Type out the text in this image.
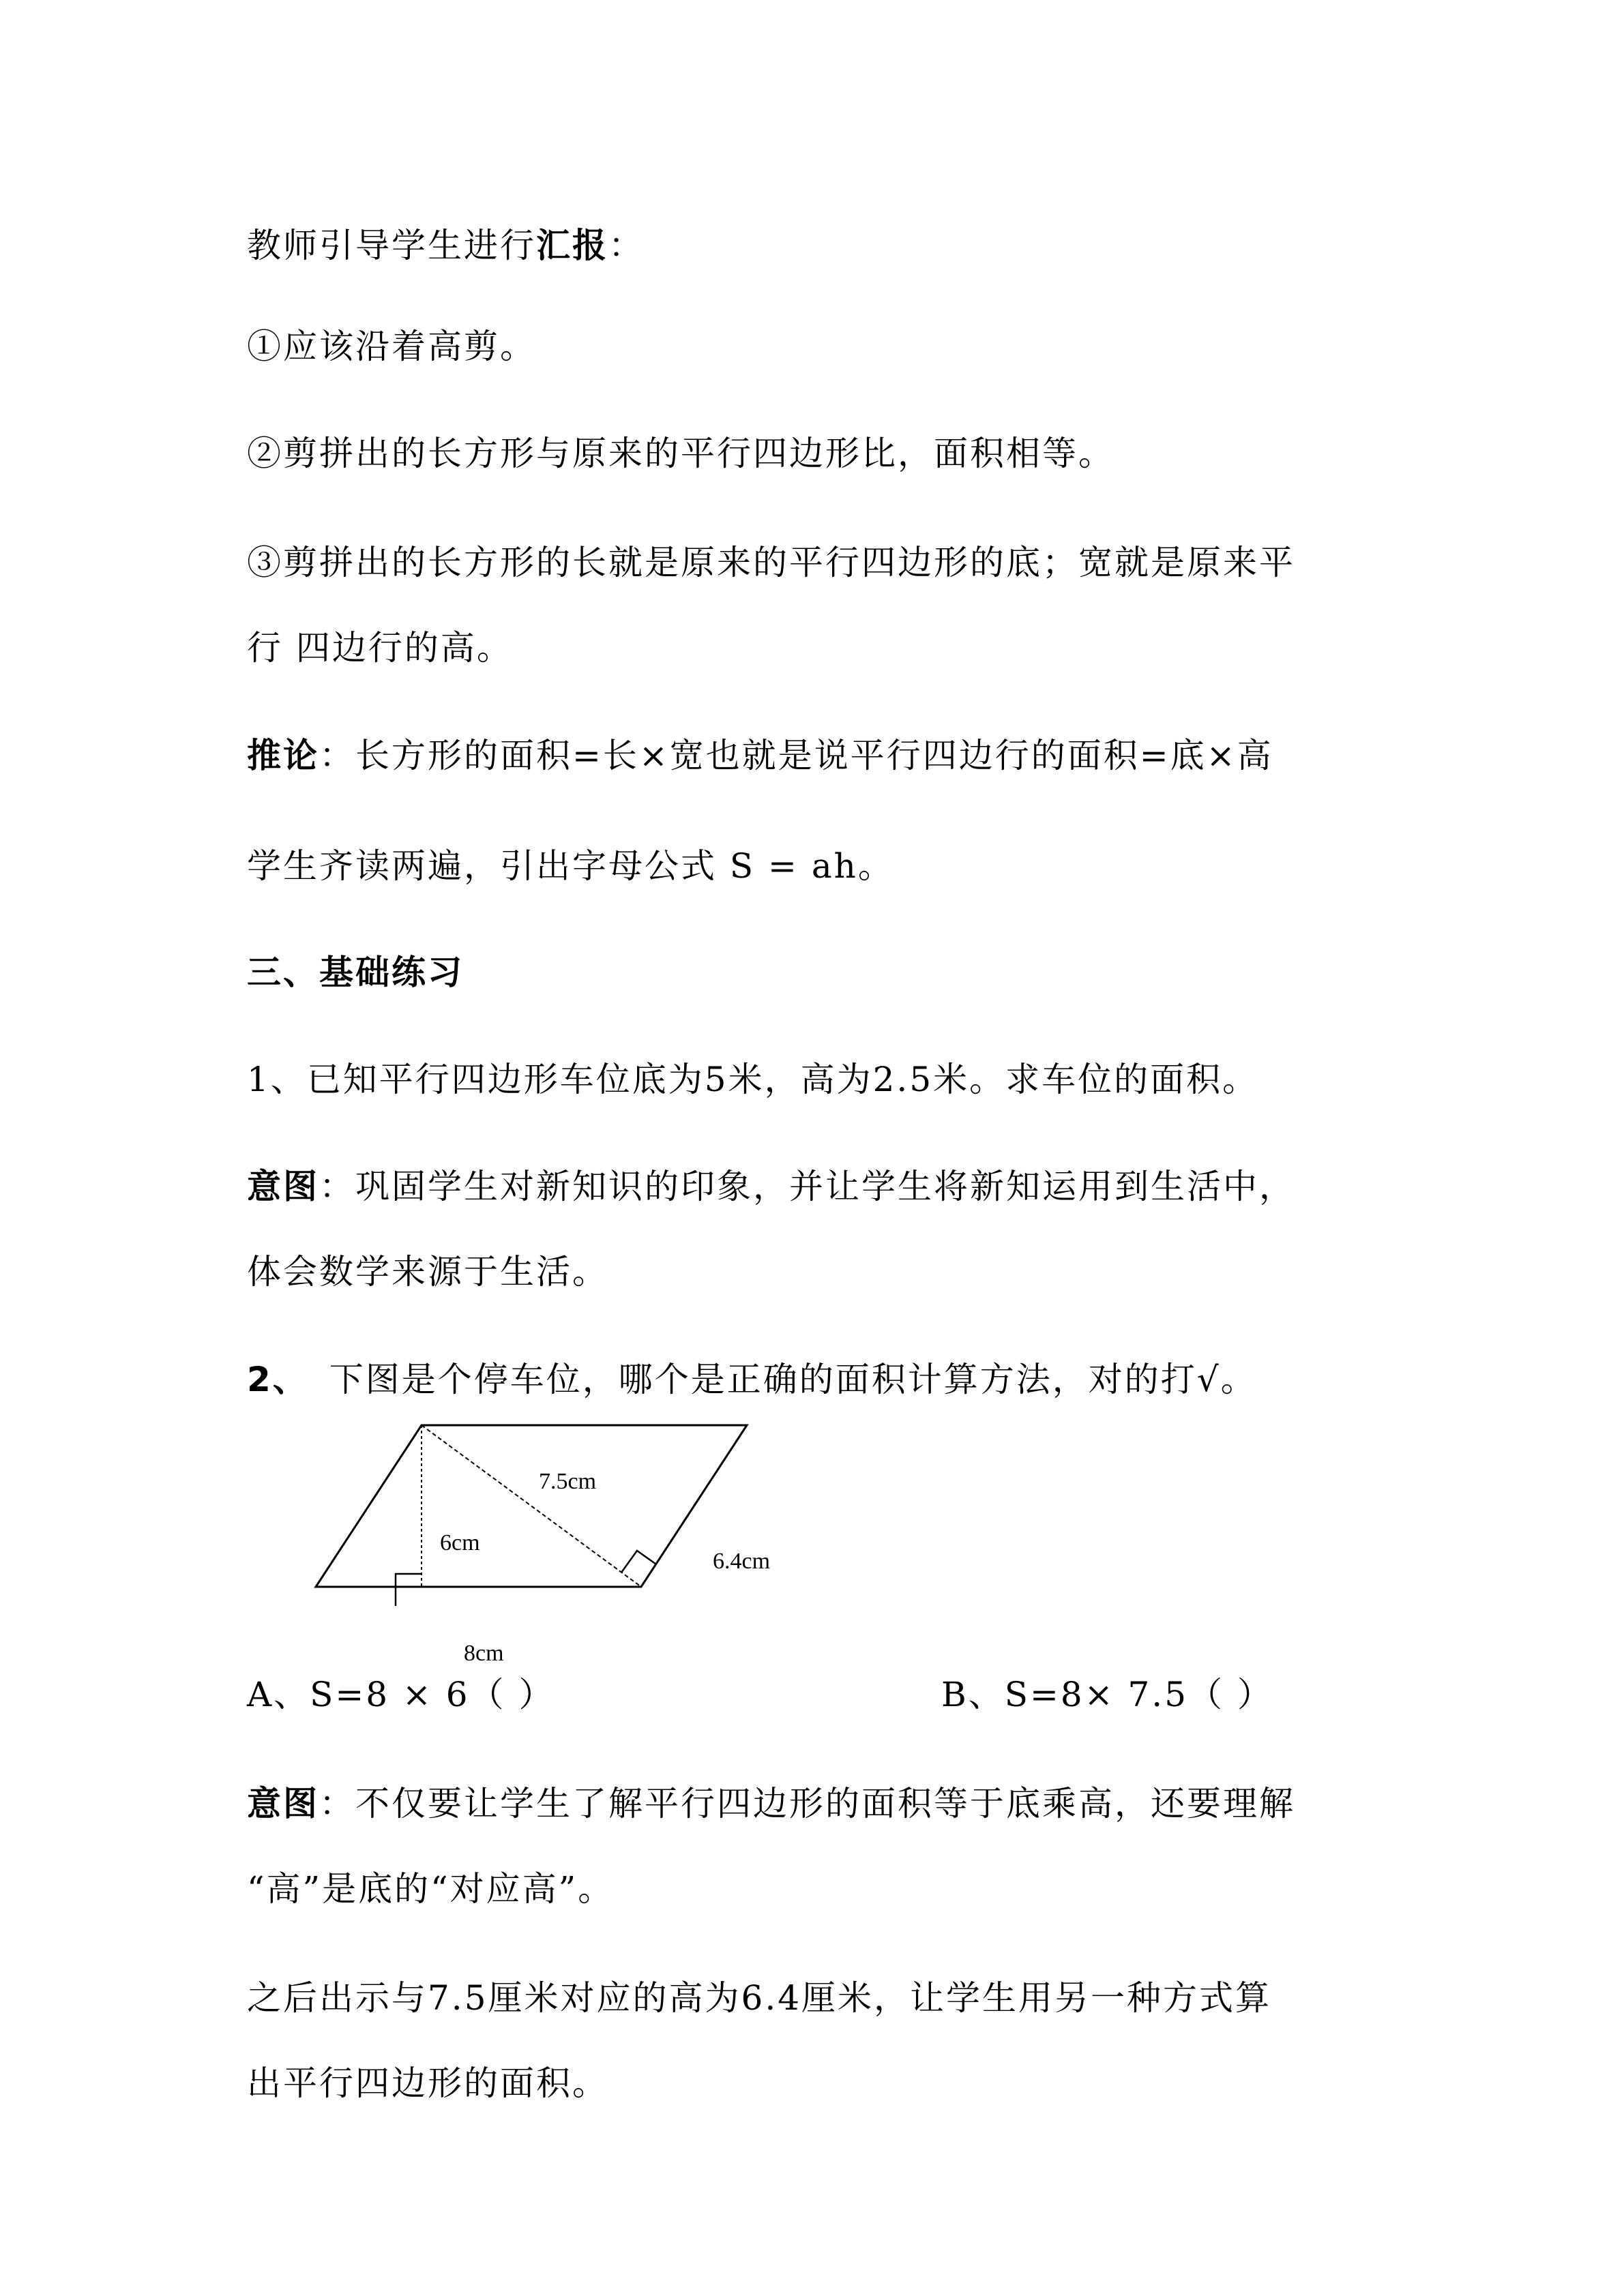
教师引导学生进行汇报：
①应该沿着高剪。
②剪拼出的长方形与原来的平行四边形比，面积相等。
③剪拼出的长方形的长就是原来的平行四边形的底；宽就是原来平
行 四边行的高。
推论：长方形的面积=长×宽也就是说平行四边行的面积=底×高
学生齐读两遍，引出字母公式 S = ah。
三、基础练习
1、已知平行四边形车位底为5米，高为2.5米。求车位的面积。
意图：巩固学生对新知识的印象，并让学生将新知运用到生活中，
体会数学来源于生活。
2、 下图是个停车位，哪个是正确的面积计算方法，对的打√。
7.5cm
6cm
6.4cm
8cm
A、S=8 × 6（ ）	B、S=8× 7.5（ ）
意图：不仅要让学生了解平行四边形的面积等于底乘高，还要理解
“高”是底的“对应高”。
之后出示与7.5厘米对应的高为6.4厘米，让学生用另一种方式算
出平行四边形的面积。
